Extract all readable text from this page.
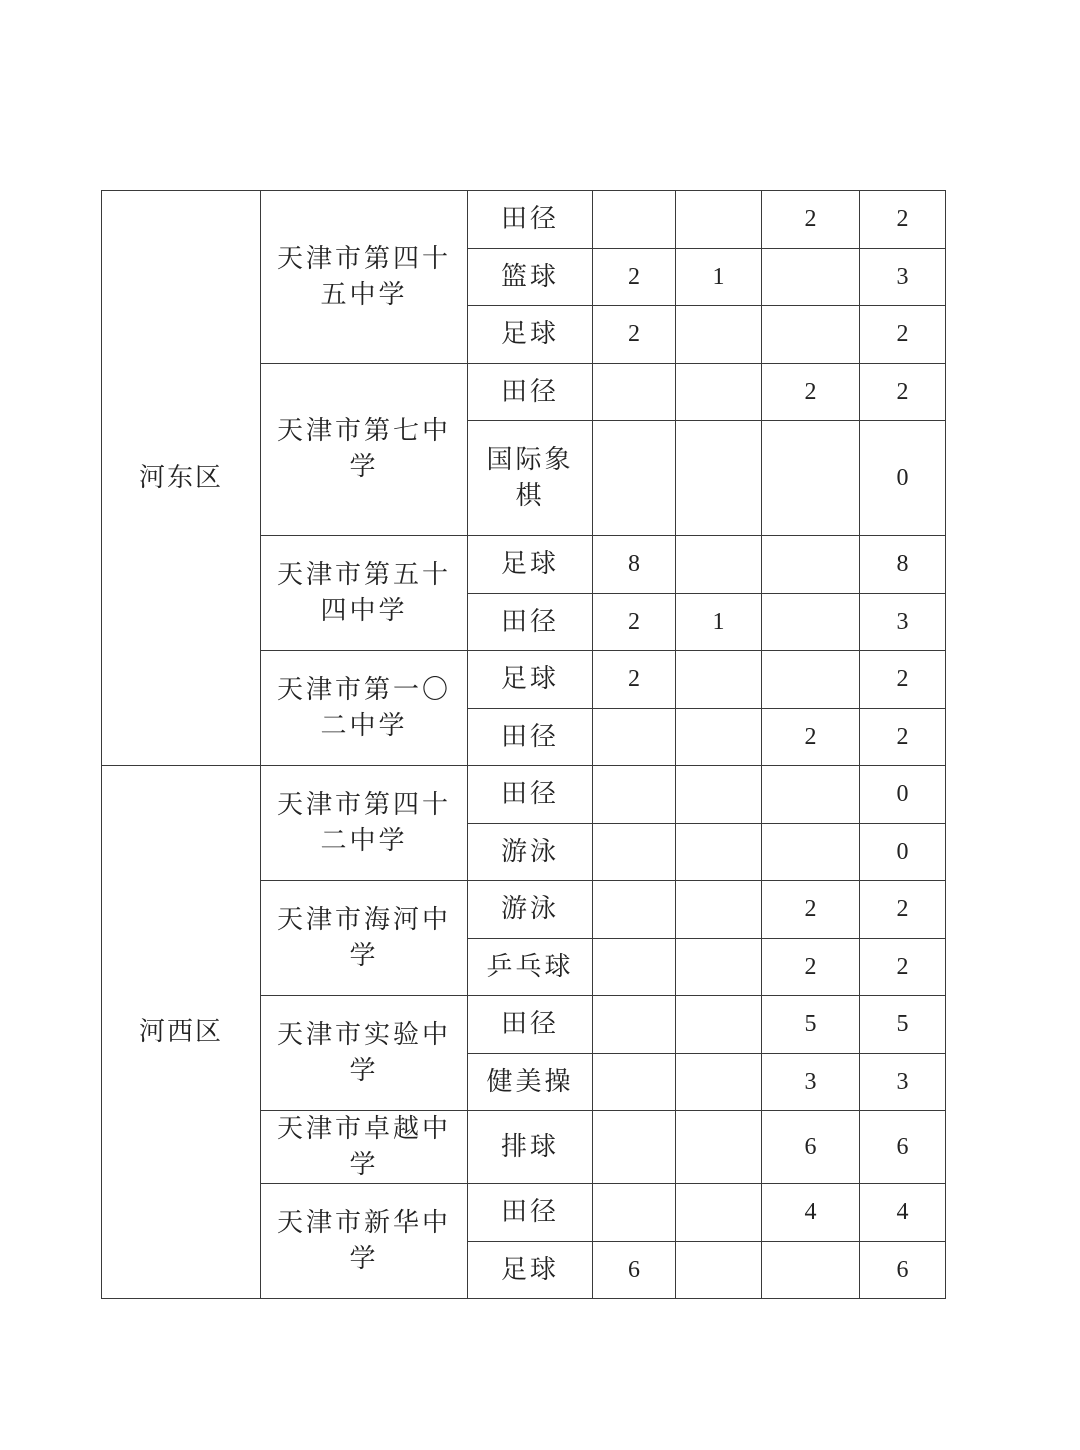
河东区	天津市第四十五中学	田径			2	2
		篮球	2	1		3
		足球	2			2
	天津市第七中学	田径			2	2
		国际象棋				0
	天津市第五十四中学	足球	8			8
		田径	2	1		3
	天津市第一〇二中学	足球	2			2
		田径			2	2
河西区	天津市第四十二中学	田径				0
		游泳				0
	天津市海河中学	游泳			2	2
		乒乓球			2	2
	天津市实验中学	田径			5	5
		健美操			3	3
	天津市卓越中学	排球			6	6
	天津市新华中学	田径			4	4
		足球	6			6
